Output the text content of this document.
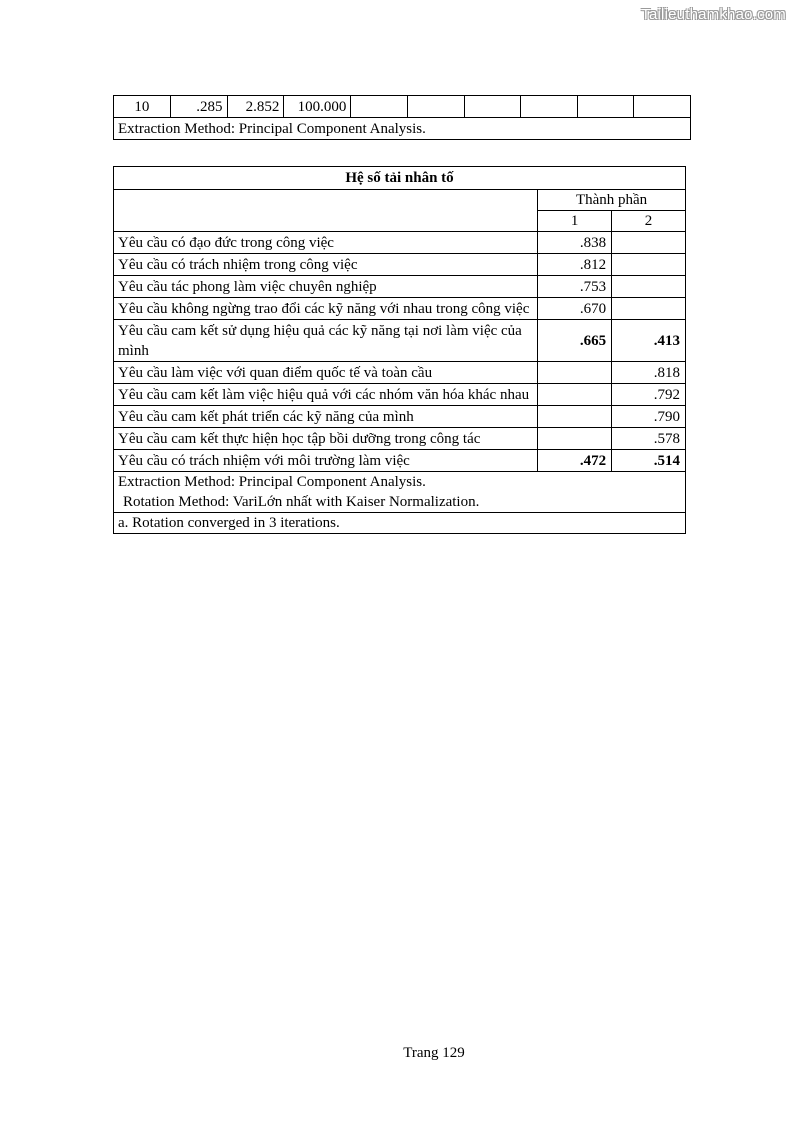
Tailieuthamkhao.com
10	.285	2.852	100.000						
Extraction Method: Principal Component Analysis.
Hệ số tải nhân tố		
	Thành phần	
	1	2
Yêu cầu có đạo đức trong công việc	.838	
Yêu cầu có trách nhiệm trong công việc	.812	
Yêu cầu tác phong làm việc chuyên nghiệp	.753	
Yêu cầu không ngừng trao đổi các kỹ năng với nhau trong công việc	.670	
Yêu cầu cam kết sử dụng hiệu quả các kỹ năng tại nơi làm việc của mình	.665	.413
Yêu cầu làm việc với quan điểm quốc tế và toàn cầu		.818
Yêu cầu cam kết làm việc hiệu quả với các nhóm văn hóa khác nhau		.792
Yêu cầu cam kết phát triển các kỹ năng của mình		.790
Yêu cầu cam kết thực hiện học tập bồi dưỡng trong công tác		.578
Yêu cầu có trách nhiệm với môi trường làm việc	.472	.514

Extraction Method: Principal Component Analysis.
Rotation Method: VariLớn nhất with Kaiser Normalization.		

a. Rotation converged in 3 iterations.		
Trang 129
